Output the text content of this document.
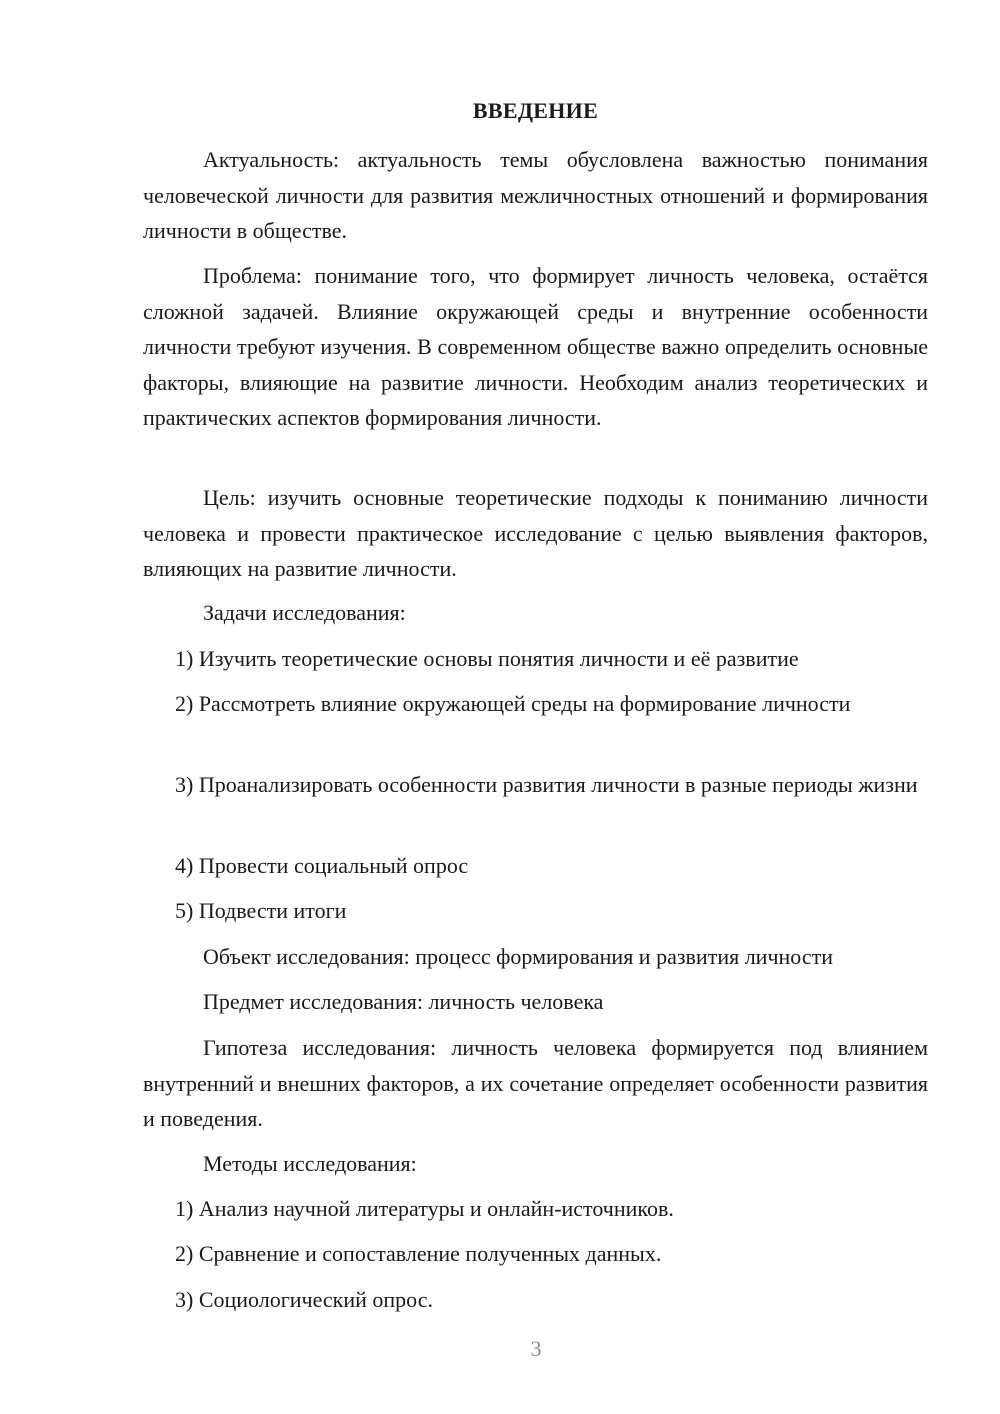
ВВЕДЕНИЕ

Актуальность: актуальность темы обусловлена важностью понимания человеческой личности для развития межличностных отношений и формирования личности в обществе.

Проблема: понимание того, что формирует личность человека, остаётся сложной задачей. Влияние окружающей среды и внутренние особенности личности требуют изучения. В современном обществе важно определить основные факторы, влияющие на развитие личности. Необходим анализ теоретических и практических аспектов формирования личности.

Цель: изучить основные теоретические подходы к пониманию личности человека и провести практическое исследование с целью выявления факторов, влияющих на развитие личности.

Задачи исследования:

1) Изучить теоретические основы понятия личности и её развитие

2) Рассмотреть влияние окружающей среды на формирование личности

3) Проанализировать особенности развития личности в разные периоды жизни

4) Провести социальный опрос

5) Подвести итоги

Объект исследования: процесс формирования и развития личности

Предмет исследования: личность человека

Гипотеза исследования: личность человека формируется под влиянием внутренний и внешних факторов, а их сочетание определяет особенности развития и поведения.

Методы исследования:

1) Анализ научной литературы и онлайн-источников.

2) Сравнение и сопоставление полученных данных.

3) Социологический опрос.

3
